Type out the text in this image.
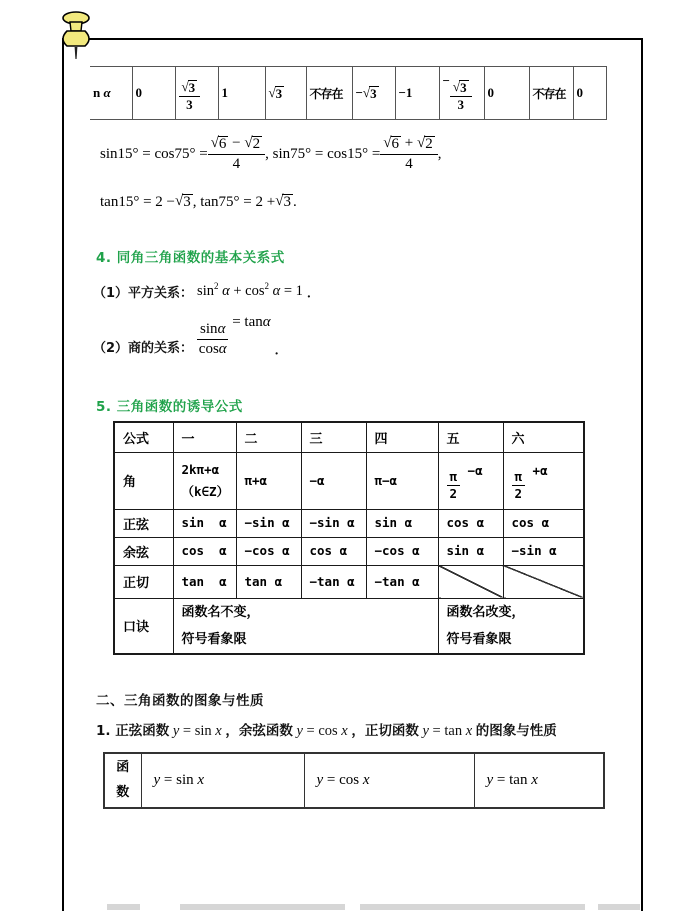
n α	0	$\frac{√ 3}{3}$	1	√ 3	不存在	− √ 3	−1	− $\frac{√ 3}{3}$	0	不存在	0
$\sin 15^\circ = \cos 75^\circ = \frac{√ 6 - √ 2}{4}$ , $\sin 75^\circ = \cos 15^\circ = \frac{√ 6 + √ 2}{4}$ ,
tan15° = 2 − √ 3 , tan75° = 2 + √ 3 .
4. 同角三角函数的基本关系式
（1）平方关系： $\sin^2 \alpha + \cos^2 \alpha = 1$ ．
（2）商的关系： $\frac{\sin\alpha}{\cos\alpha} = \tan\alpha$
．
5. 三角函数的诱导公式
公式	一	二	三	四	五	六
角	2kπ+α
（k∈Z）	π+α	−α	π−α	$\frac{\pi}{2} -\alpha$	$\frac{\pi}{2} +\alpha$
正弦	sin  α	−sin α	−sin α	sin α	cos α	cos α
余弦	cos  α	−cos α	cos α	−cos α	sin α	−sin α
正切	tan  α	tan α	−tan α	−tan α		
口诀	函数名不变，
符号看象限				函数名改变，
符号看象限	
二、三角函数的图象与性质
1. 正弦函数 y = sin x ，余弦函数 y = cos x ，正切函数 y = tan x 的图象与性质
函
数	y = sin x	y = cos x	y = tan x
